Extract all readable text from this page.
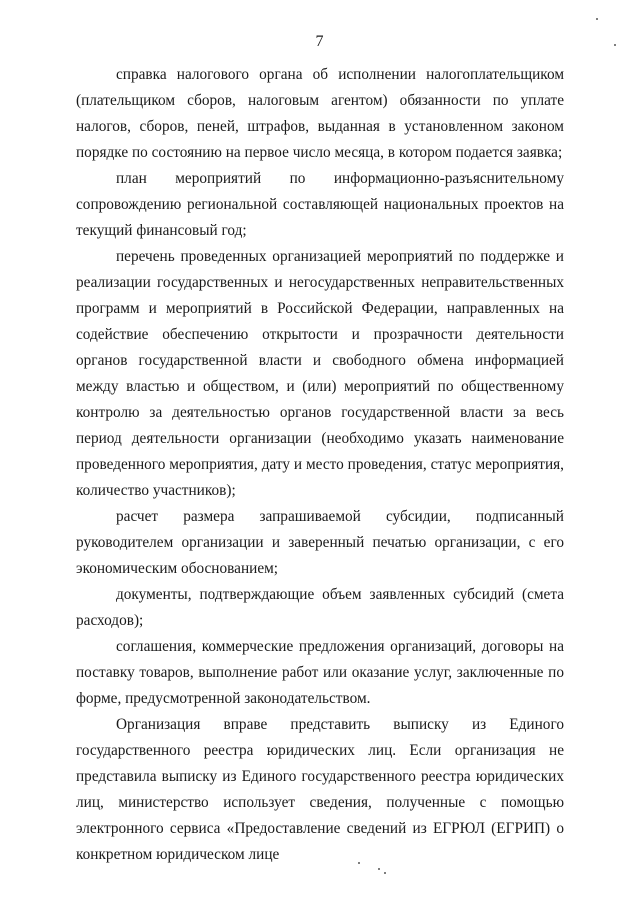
7

справка налогового органа об исполнении налогоплательщиком (плательщиком сборов, налоговым агентом) обязанности по уплате налогов, сборов, пеней, штрафов, выданная в установленном законом порядке по состоянию на первое число месяца, в котором подается заявка;

план мероприятий по информационно-разъяснительному сопровождению региональной составляющей национальных проектов на текущий финансовый год;

перечень проведенных организацией мероприятий по поддержке и реализации государственных и негосударственных неправительственных программ и мероприятий в Российской Федерации, направленных на содействие обеспечению открытости и прозрачности деятельности органов государственной власти и свободного обмена информацией между властью и обществом, и (или) мероприятий по общественному контролю за деятельностью органов государственной власти за весь период деятельности организации (необходимо указать наименование проведенного мероприятия, дату и место проведения, статус мероприятия, количество участников);

расчет размера запрашиваемой субсидии, подписанный руководителем организации и заверенный печатью организации, с его экономическим обоснованием;

документы, подтверждающие объем заявленных субсидий (смета расходов);

соглашения, коммерческие предложения организаций, договоры на поставку товаров, выполнение работ или оказание услуг, заключенные по форме, предусмотренной законодательством.

Организация вправе представить выписку из Единого государственного реестра юридических лиц. Если организация не представила выписку из Единого государственного реестра юридических лиц, министерство использует сведения, полученные с помощью электронного сервиса «Предоставление сведений из ЕГРЮЛ (ЕГРИП) о конкретном юридическом лице
